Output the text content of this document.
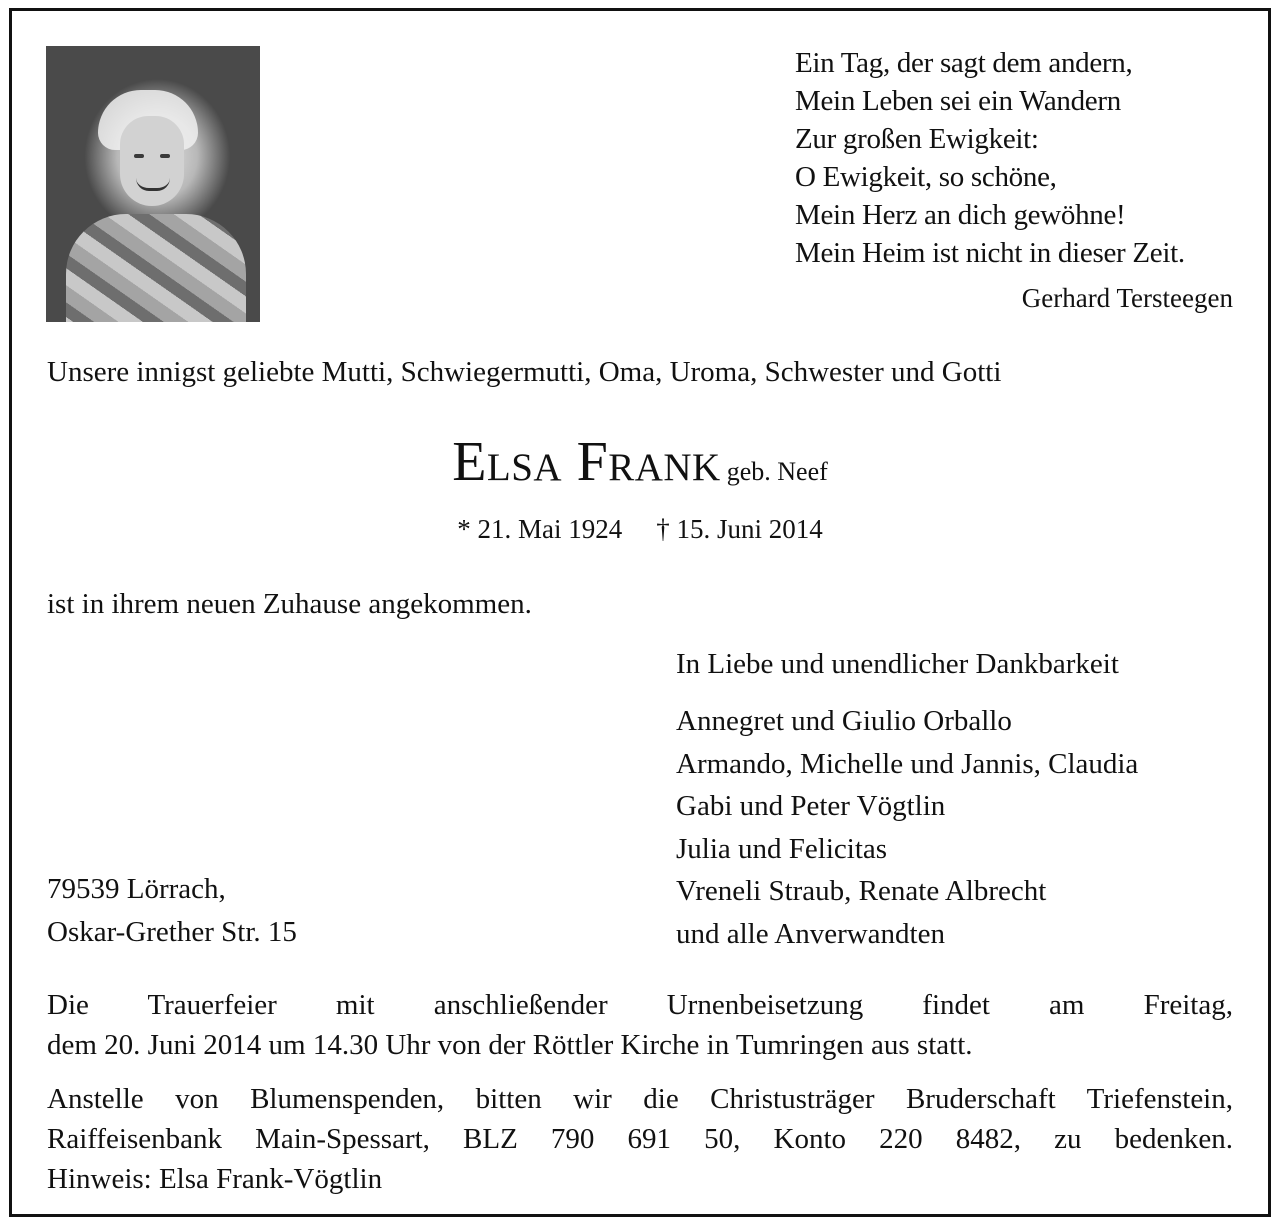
Ein Tag, der sagt dem andern,
Mein Leben sei ein Wandern
Zur großen Ewigkeit:
O Ewigkeit, so schöne,
Mein Herz an dich gewöhne!
Mein Heim ist nicht in dieser Zeit.
Gerhard Tersteegen
Unsere innigst geliebte Mutti, Schwiegermutti, Oma, Uroma, Schwester und Gotti
Elsa Frank geb. Neef
* 21. Mai 1924 † 15. Juni 2014
ist in ihrem neuen Zuhause angekommen.
In Liebe und unendlicher Dankbarkeit
Annegret und Giulio Orballo
Armando, Michelle und Jannis, Claudia
Gabi und Peter Vögtlin
Julia und Felicitas
Vreneli Straub, Renate Albrecht
und alle Anverwandten
79539 Lörrach,
Oskar-Grether Str. 15
Die Trauerfeier mit anschließender Urnenbeisetzung findet am Freitag,
dem 20. Juni 2014 um 14.30 Uhr von der Röttler Kirche in Tumringen aus statt.
Anstelle von Blumenspenden, bitten wir die Christusträger Bruderschaft Triefenstein,
Raiffeisenbank Main-Spessart, BLZ 790 691 50, Konto 220 8482, zu bedenken.
Hinweis: Elsa Frank-Vögtlin
